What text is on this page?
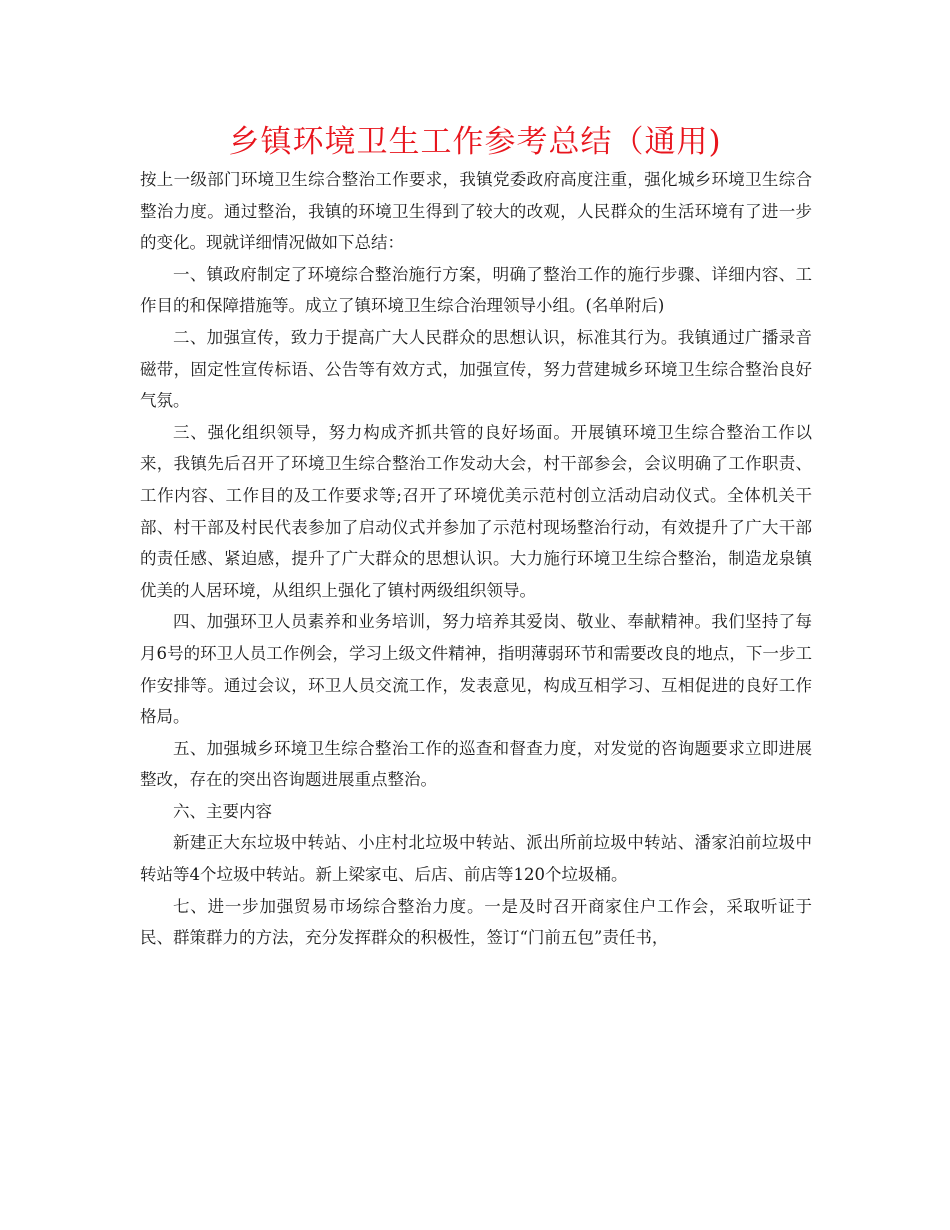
乡镇环境卫生工作参考总结（通用)

按上一级部门环境卫生综合整治工作要求，我镇党委政府高度注重，强化城乡环境卫生综合整治力度。通过整治，我镇的环境卫生得到了较大的改观，人民群众的生活环境有了进一步的变化。现就详细情况做如下总结：

一、镇政府制定了环境综合整治施行方案，明确了整治工作的施行步骤、详细内容、工作目的和保障措施等。成立了镇环境卫生综合治理领导小组。(名单附后)

二、加强宣传，致力于提高广大人民群众的思想认识，标准其行为。我镇通过广播录音磁带，固定性宣传标语、公告等有效方式，加强宣传，努力营建城乡环境卫生综合整治良好气氛。

三、强化组织领导，努力构成齐抓共管的良好场面。开展镇环境卫生综合整治工作以来，我镇先后召开了环境卫生综合整治工作发动大会，村干部参会，会议明确了工作职责、工作内容、工作目的及工作要求等;召开了环境优美示范村创立活动启动仪式。全体机关干部、村干部及村民代表参加了启动仪式并参加了示范村现场整治行动，有效提升了广大干部的责任感、紧迫感，提升了广大群众的思想认识。大力施行环境卫生综合整治，制造龙泉镇优美的人居环境，从组织上强化了镇村两级组织领导。

四、加强环卫人员素养和业务培训，努力培养其爱岗、敬业、奉献精神。我们坚持了每月6号的环卫人员工作例会，学习上级文件精神，指明薄弱环节和需要改良的地点，下一步工作安排等。通过会议，环卫人员交流工作，发表意见，构成互相学习、互相促进的良好工作格局。

五、加强城乡环境卫生综合整治工作的巡查和督查力度，对发觉的咨询题要求立即进展整改，存在的突出咨询题进展重点整治。

六、主要内容

新建正大东垃圾中转站、小庄村北垃圾中转站、派出所前垃圾中转站、潘家泊前垃圾中转站等4个垃圾中转站。新上梁家屯、后店、前店等120个垃圾桶。

七、进一步加强贸易市场综合整治力度。一是及时召开商家住户工作会，采取听证于民、群策群力的方法，充分发挥群众的积极性，签订“门前五包”责任书，
